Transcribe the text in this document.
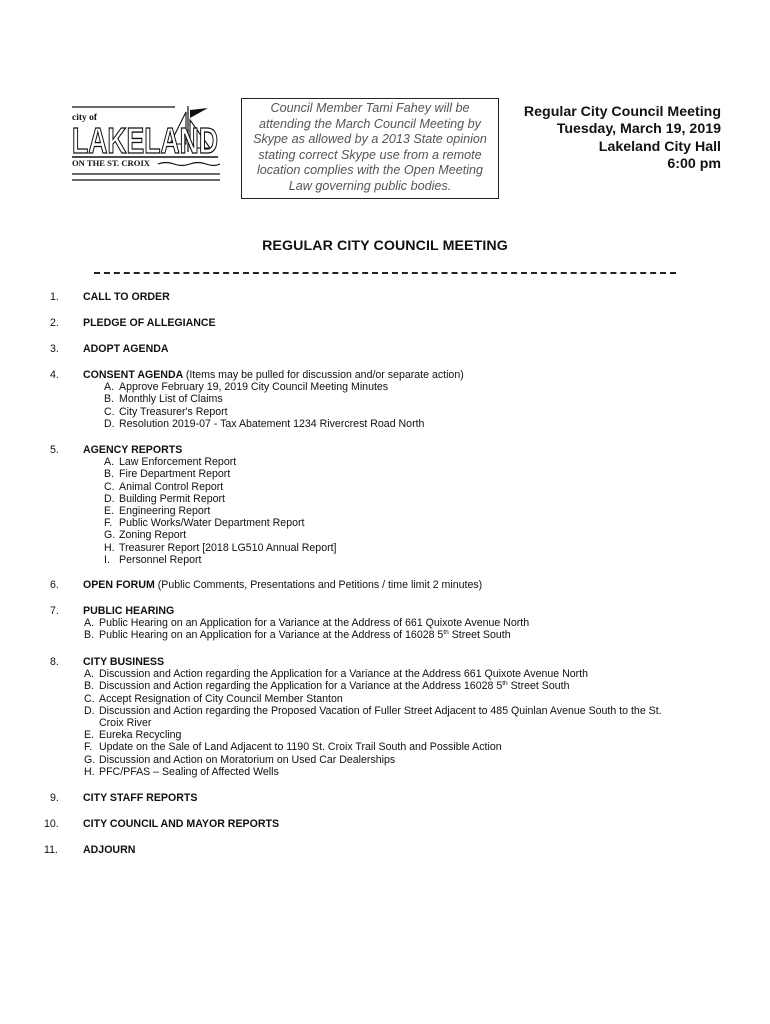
city of
LAKELAND
ON THE ST. CROIX
Council Member Tami Fahey will be attending the March Council Meeting by Skype as allowed by a 2013 State opinion stating correct Skype use from a remote location complies with the Open Meeting Law governing public bodies.
Regular City Council Meeting
Tuesday, March 19, 2019
Lakeland City Hall
6:00 pm
REGULAR CITY COUNCIL MEETING
1.	CALL TO ORDER
2.	PLEDGE OF ALLEGIANCE
3.	ADOPT AGENDA
4.	CONSENT AGENDA (Items may be pulled for discussion and/or separate action)
A. Approve February 19, 2019 City Council Meeting Minutes
B. Monthly List of Claims
C. City Treasurer's Report
D. Resolution 2019-07 - Tax Abatement 1234 Rivercrest Road North
5.	AGENCY REPORTS
A. Law Enforcement Report
B. Fire Department Report
C. Animal Control Report
D. Building Permit Report
E. Engineering Report
F. Public Works/Water Department Report
G. Zoning Report
H. Treasurer Report [2018 LG510 Annual Report]
I. Personnel Report
6.	OPEN FORUM (Public Comments, Presentations and Petitions / time limit 2 minutes)
7.	PUBLIC HEARING
A. Public Hearing on an Application for a Variance at the Address of 661 Quixote Avenue North
B. Public Hearing on an Application for a Variance at the Address of 16028 5th Street South
8.	CITY BUSINESS
A. Discussion and Action regarding the Application for a Variance at the Address 661 Quixote Avenue North
B. Discussion and Action regarding the Application for a Variance at the Address 16028 5th Street South
C. Accept Resignation of City Council Member Stanton
D. Discussion and Action regarding the Proposed Vacation of Fuller Street Adjacent to 485 Quinlan Avenue South to the St.
Croix River
E. Eureka Recycling
F. Update on the Sale of Land Adjacent to 1190 St. Croix Trail South and Possible Action
G. Discussion and Action on Moratorium on Used Car Dealerships
H. PFC/PFAS – Sealing of Affected Wells
9.	CITY STAFF REPORTS
10.	CITY COUNCIL AND MAYOR REPORTS
11.	ADJOURN
